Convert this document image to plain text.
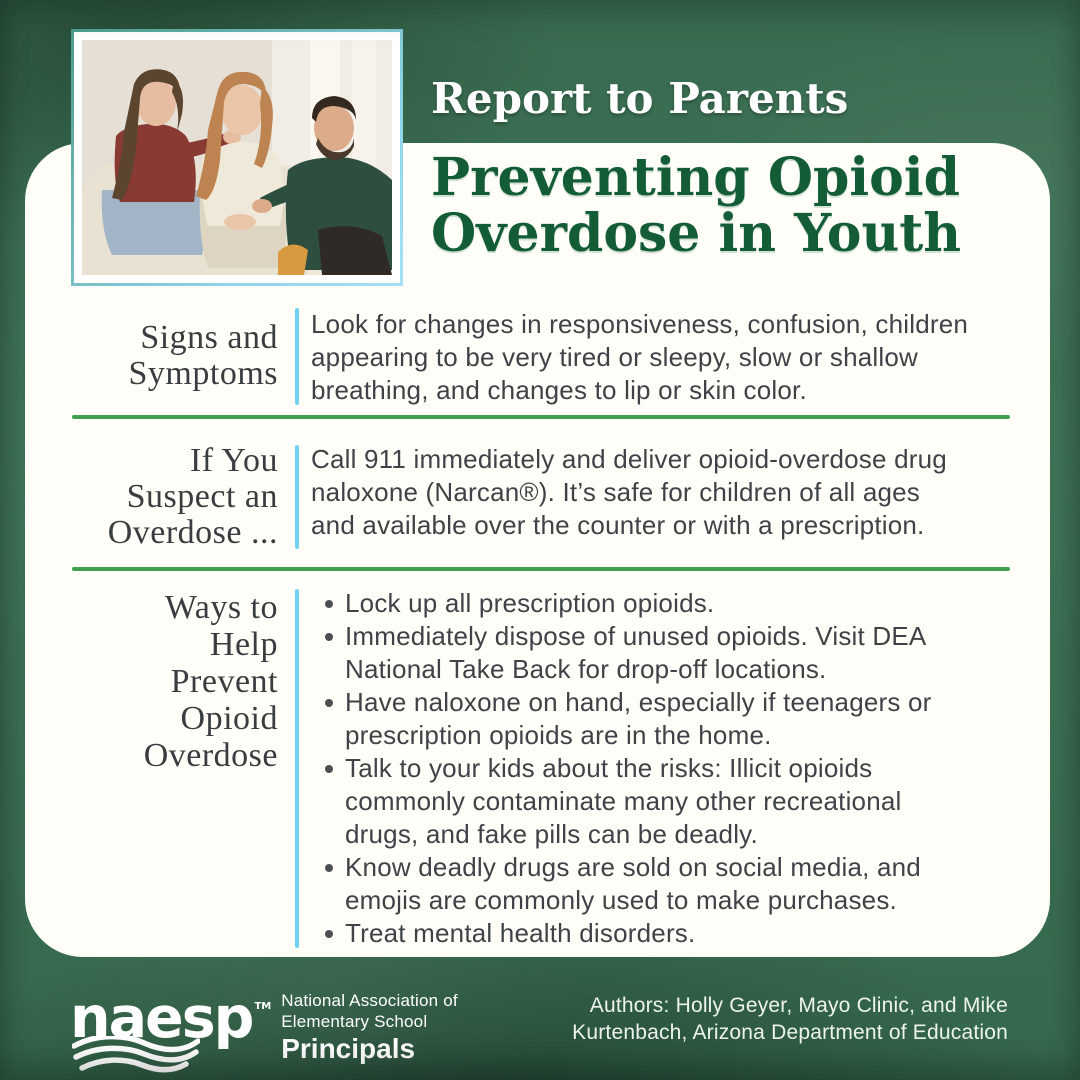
Report to Parents
Preventing Opioid
Overdose in Youth
Signs and
Symptoms
Look for changes in responsiveness, confusion, children
appearing to be very tired or sleepy, slow or shallow
breathing, and changes to lip or skin color.
If You
Suspect an
Overdose ...
Call 911 immediately and deliver opioid-overdose drug
naloxone (Narcan®). It’s safe for children of all ages
and available over the counter or with a prescription.
Ways to
Help
Prevent
Opioid
Overdose
Lock up all prescription opioids.
Immediately dispose of unused opioids. Visit DEA
National Take Back for drop-off locations.
Have naloxone on hand, especially if teenagers or
prescription opioids are in the home.
Talk to your kids about the risks: Illicit opioids
commonly contaminate many other recreational
drugs, and fake pills can be deadly.
Know deadly drugs are sold on social media, and
emojis are commonly used to make purchases.
Treat mental health disorders.
naesp ™ National Association of
Elementary School
Principals
Authors: Holly Geyer, Mayo Clinic, and Mike
Kurtenbach, Arizona Department of Education
